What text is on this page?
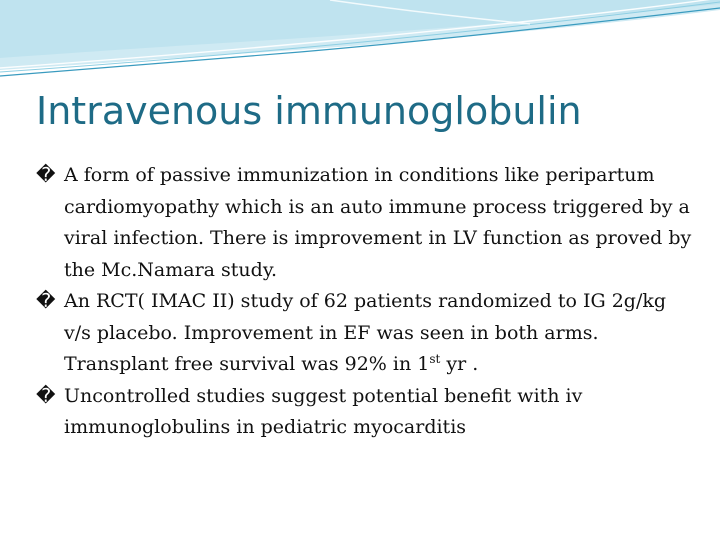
Intravenous immunoglobulin
� A form of passive immunization in conditions like peripartum cardiomyopathy which is an auto immune process triggered by a viral infection. There is improvement in LV function as proved by the Mc.Namara study.
� An RCT( IMAC II) study of 62 patients randomized to IG 2g/kg v/s placebo. Improvement in EF was seen in both arms. Transplant free survival was 92% in 1st yr .
� Uncontrolled studies suggest potential benefit with iv immunoglobulins in pediatric myocarditis
